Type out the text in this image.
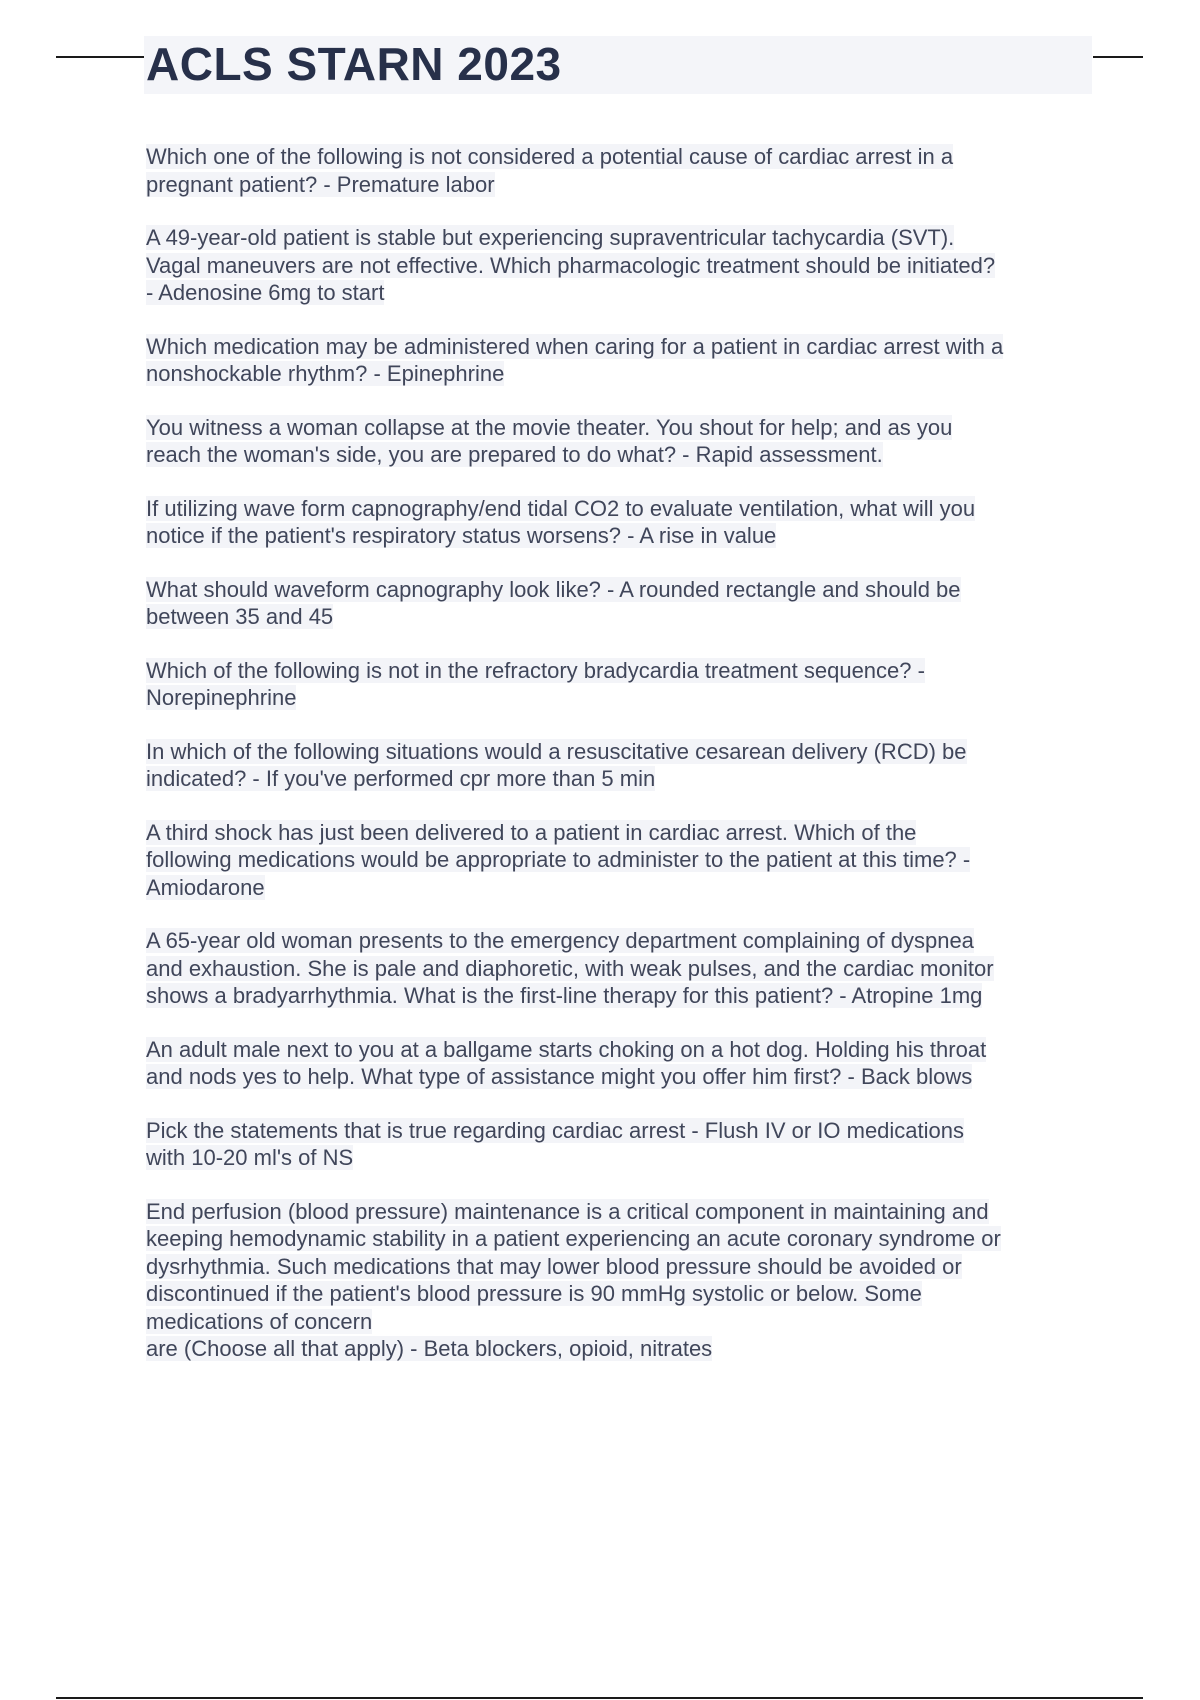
ACLS STARN 2023
Which one of the following is not considered a potential cause of cardiac arrest in a
pregnant patient? - Premature labor
A 49-year-old patient is stable but experiencing supraventricular tachycardia (SVT).
Vagal maneuvers are not effective. Which pharmacologic treatment should be initiated?
- Adenosine 6mg to start
Which medication may be administered when caring for a patient in cardiac arrest with a
nonshockable rhythm? - Epinephrine
You witness a woman collapse at the movie theater. You shout for help; and as you
reach the woman's side, you are prepared to do what? - Rapid assessment.
If utilizing wave form capnography/end tidal CO2 to evaluate ventilation, what will you
notice if the patient's respiratory status worsens? - A rise in value
What should waveform capnography look like? - A rounded rectangle and should be
between 35 and 45
Which of the following is not in the refractory bradycardia treatment sequence? -
Norepinephrine
In which of the following situations would a resuscitative cesarean delivery (RCD) be
indicated? - If you've performed cpr more than 5 min
A third shock has just been delivered to a patient in cardiac arrest. Which of the
following medications would be appropriate to administer to the patient at this time? -
Amiodarone
A 65-year old woman presents to the emergency department complaining of dyspnea
and exhaustion. She is pale and diaphoretic, with weak pulses, and the cardiac monitor
shows a bradyarrhythmia. What is the first-line therapy for this patient? - Atropine 1mg
An adult male next to you at a ballgame starts choking on a hot dog. Holding his throat
and nods yes to help. What type of assistance might you offer him first? - Back blows
Pick the statements that is true regarding cardiac arrest - Flush IV or IO medications
with 10-20 ml's of NS
End perfusion (blood pressure) maintenance is a critical component in maintaining and
keeping hemodynamic stability in a patient experiencing an acute coronary syndrome or
dysrhythmia. Such medications that may lower blood pressure should be avoided or
discontinued if the patient's blood pressure is 90 mmHg systolic or below. Some
medications of concern
are (Choose all that apply) - Beta blockers, opioid, nitrates
